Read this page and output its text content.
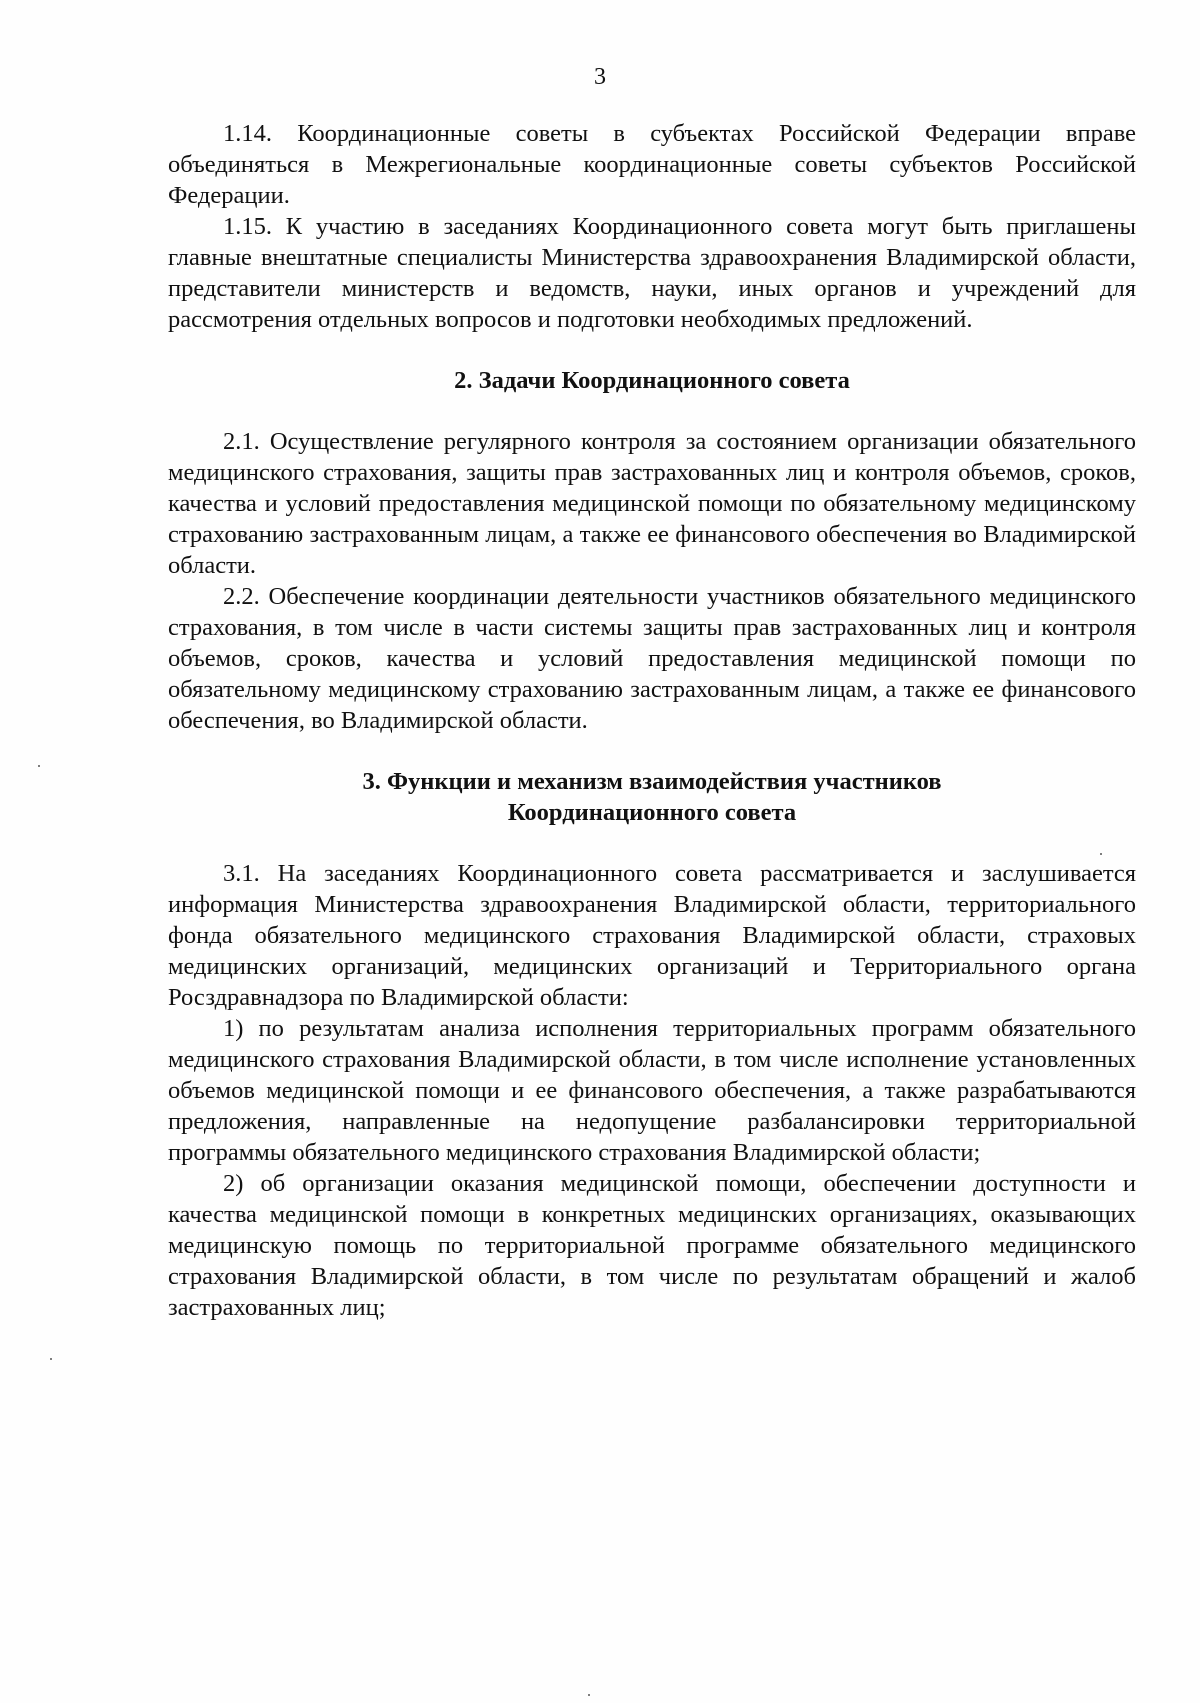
3

1.14. Координационные советы в субъектах Российской Федерации вправе объединяться в Межрегиональные координационные советы субъектов Российской Федерации.

1.15. К участию в заседаниях Координационного совета могут быть приглашены главные внештатные специалисты Министерства здравоохранения Владимирской области, представители министерств и ведомств, науки, иных органов и учреждений для рассмотрения отдельных вопросов и подготовки необходимых предложений.

2. Задачи Координационного совета

2.1. Осуществление регулярного контроля за состоянием организации обязательного медицинского страхования, защиты прав застрахованных лиц и контроля объемов, сроков, качества и условий предоставления медицинской помощи по обязательному медицинскому страхованию застрахованным лицам, а также ее финансового обеспечения во Владимирской области.

2.2. Обеспечение координации деятельности участников обязательного медицинского страхования, в том числе в части системы защиты прав застрахованных лиц и контроля объемов, сроков, качества и условий предоставления медицинской помощи по обязательному медицинскому страхованию застрахованным лицам, а также ее финансового обеспечения, во Владимирской области.

3. Функции и механизм взаимодействия участников

Координационного совета

3.1. На заседаниях Координационного совета рассматривается и заслушивается информация Министерства здравоохранения Владимирской области, территориального фонда обязательного медицинского страхования Владимирской области, страховых медицинских организаций, медицинских организаций и Территориального органа Росздравнадзора по Владимирской области:

1) по результатам анализа исполнения территориальных программ обязательного медицинского страхования Владимирской области, в том числе исполнение установленных объемов медицинской помощи и ее финансового обеспечения, а также разрабатываются предложения, направленные на недопущение разбалансировки территориальной программы обязательного медицинского страхования Владимирской области;

2) об организации оказания медицинской помощи, обеспечении доступности и качества медицинской помощи в конкретных медицинских организациях, оказывающих медицинскую помощь по территориальной программе обязательного медицинского страхования Владимирской области, в том числе по результатам обращений и жалоб застрахованных лиц;
